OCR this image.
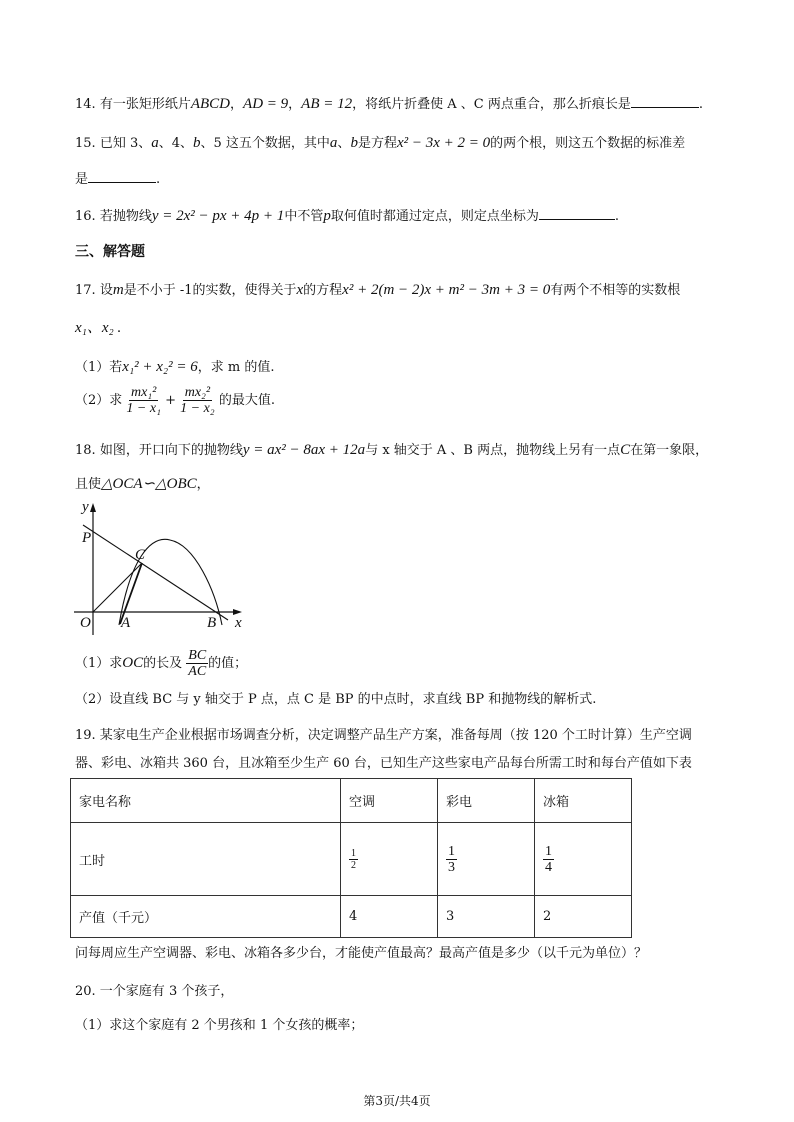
14. 有一张矩形纸片ABCD，AD = 9，AB = 12，将纸片折叠使 A 、C 两点重合，那么折痕长是	.
15. 已知 3、a、4、b、5 这五个数据，其中a、b是方程x² − 3x + 2 = 0的两个根，则这五个数据的标准差
是	.
16. 若抛物线y = 2x² − px + 4p + 1中不管p取何值时都通过定点，则定点坐标为	.
三、解答题
17. 设m是不小于 -1的实数，使得关于x的方程x² + 2(m − 2)x + m² − 3m + 3 = 0有两个不相等的实数根
x₁、x₂ .
（1）若x₁² + x₂² = 6，求 m 的值.
（2）求 $\frac{\text{mx₁²}}{\text{1 − x₁}} + \frac{\text{mx₂²}}{\text{1 − x₂}}$ 的最大值.
18. 如图，开口向下的抛物线y = ax² − 8ax + 12a与 x 轴交于 A 、B 两点，抛物线上另有一点C在第一象限，
且使△OCA∽△OBC，
y
P
C
O A	B x
（1）求OC的长及 $\frac{BC}{AC}$ 的值；
（2）设直线 BC 与 y 轴交于 P 点，点 C 是 BP 的中点时，求直线 BP 和抛物线的解析式.
19. 某家电生产企业根据市场调查分析，决定调整产品生产方案，准备每周（按 120 个工时计算）生产空调
器、彩电、冰箱共 360 台，且冰箱至少生产 60 台，已知生产这些家电产品每台所需工时和每台产值如下表
家电名称	空调	彩电	冰箱
工时	$\frac{1}{2}$	$\frac{1}{3}$	$\frac{1}{4}$

产值（千元）	4	3	2
问每周应生产空调器、彩电、冰箱各多少台，才能使产值最高？最高产值是多少（以千元为单位）？
20. 一个家庭有 3 个孩子，
（1）求这个家庭有 2 个男孩和 1 个女孩的概率；
第3页/共4页
